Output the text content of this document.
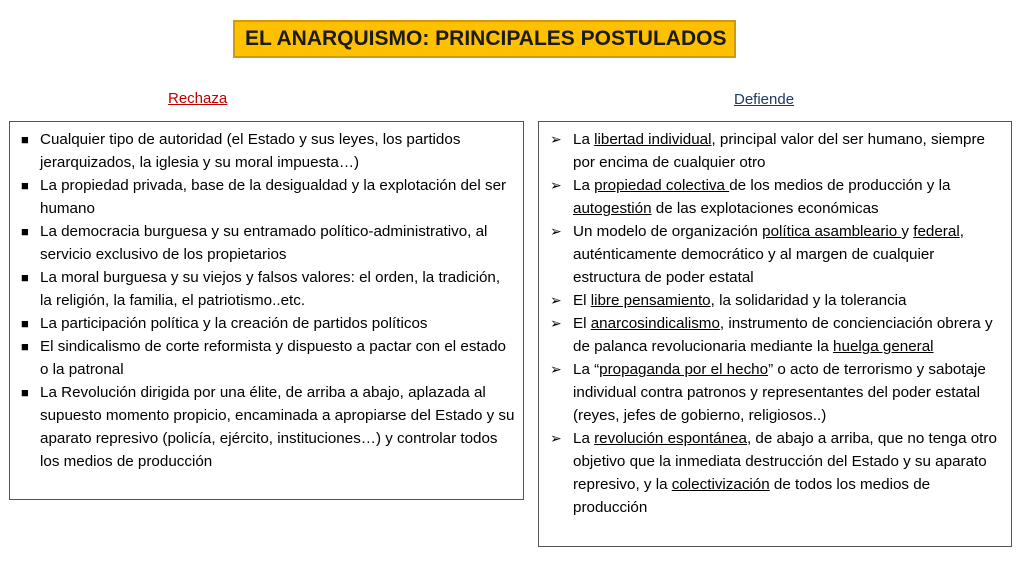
EL ANARQUISMO: PRINCIPALES POSTULADOS
Rechaza	Defiende
■ Cualquier tipo de autoridad (el Estado y sus leyes, los partidos jerarquizados, la iglesia y su moral impuesta…)
■ La propiedad privada, base de la desigualdad y la explotación del ser humano
■ La democracia burguesa y su entramado político-administrativo, al servicio exclusivo de los propietarios
■ La moral burguesa y su viejos y falsos valores: el orden, la tradición, la religión, la familia, el patriotismo..etc.
■ La participación política y la creación de partidos políticos
■ El sindicalismo de corte reformista y dispuesto a pactar con el estado o la patronal
■ La Revolución dirigida por una élite, de arriba a abajo, aplazada al supuesto momento propicio, encaminada a apropiarse del Estado y su aparato represivo (policía, ejército, instituciones…) y controlar todos los medios de producción
➢ La libertad individual, principal valor del ser humano, siempre por encima de cualquier otro
➢ La propiedad colectiva de los medios de producción y la autogestión de las explotaciones económicas
➢ Un modelo de organización política asambleario y federal, auténticamente democrático y al margen de cualquier estructura de poder estatal
➢ El libre pensamiento, la solidaridad y la tolerancia
➢ El anarcosindicalismo, instrumento de concienciación obrera y de palanca revolucionaria mediante la huelga general
➢ La “propaganda por el hecho” o acto de terrorismo y sabotaje individual contra patronos y representantes del poder estatal (reyes, jefes de gobierno, religiosos..)
➢ La revolución espontánea, de abajo a arriba, que no tenga otro objetivo que la inmediata destrucción del Estado y su aparato represivo, y la colectivización de todos los medios de producción
